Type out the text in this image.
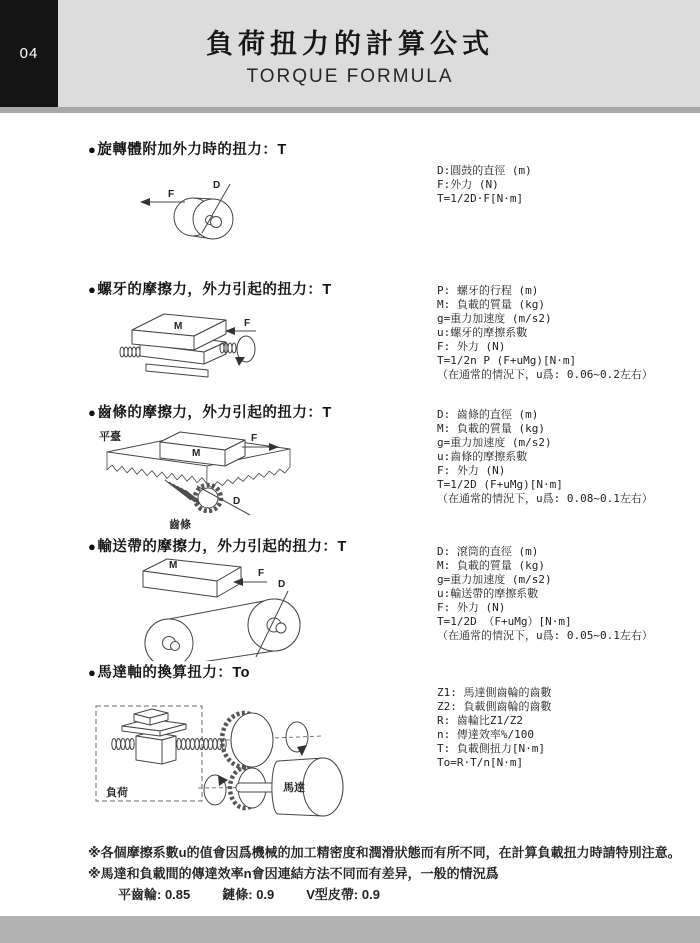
04	負荷扭力的計算公式
TORQUE FORMULA
●旋轉體附加外力時的扭力：T
F
D
D:圓鼓的直徑 (m)
F:外力 (N)
T=1/2D·F[N·m]
●螺牙的摩擦力，外力引起的扭力：T
M	F
P: 螺牙的行程 (m)
M: 負載的質量 (kg)
g=重力加速度 (m/s2)
u:螺牙的摩擦系數
F: 外力 (N)
T=1/2n P (F+uMg)[N·m]
（在通常的情況下，u爲: 0.06~0.2左右）
●齒條的摩擦力，外力引起的扭力：T
M
D
F
平臺
齒條
D: 齒條的直徑 (m)
M: 負載的質量 (kg)
g=重力加速度 (m/s2)
u:齒條的摩擦系數
F: 外力 (N)
T=1/2D (F+uMg)[N·m]
（在通常的情況下，u爲: 0.08~0.1左右）
●輸送帶的摩擦力，外力引起的扭力：T
M
F
D
D: 滾筒的直徑 (m)
M: 負載的質量 (kg)
g=重力加速度 (m/s2)
u:輸送帶的摩擦系數
F: 外力 (N)
T=1/2D （F+uMg）[N·m]
（在通常的情況下，u爲: 0.05~0.1左右）
●馬達軸的換算扭力：To
馬達
負荷
Z1: 馬達側齒輪的齒數
Z2: 負載側齒輪的齒數
R: 齒輪比Z1/Z2
n: 傳達效率%/100
T: 負載側扭力[N·m]
To=R·T/n[N·m]
※各個摩擦系數u的值會因爲機械的加工精密度和潤滑狀態而有所不同，在計算負載扭力時請特別注意。
※馬達和負載間的傳達效率n會因連結方法不同而有差异，一般的情況爲
平齒輪: 0.85 鏈條: 0.9 V型皮帶: 0.9
